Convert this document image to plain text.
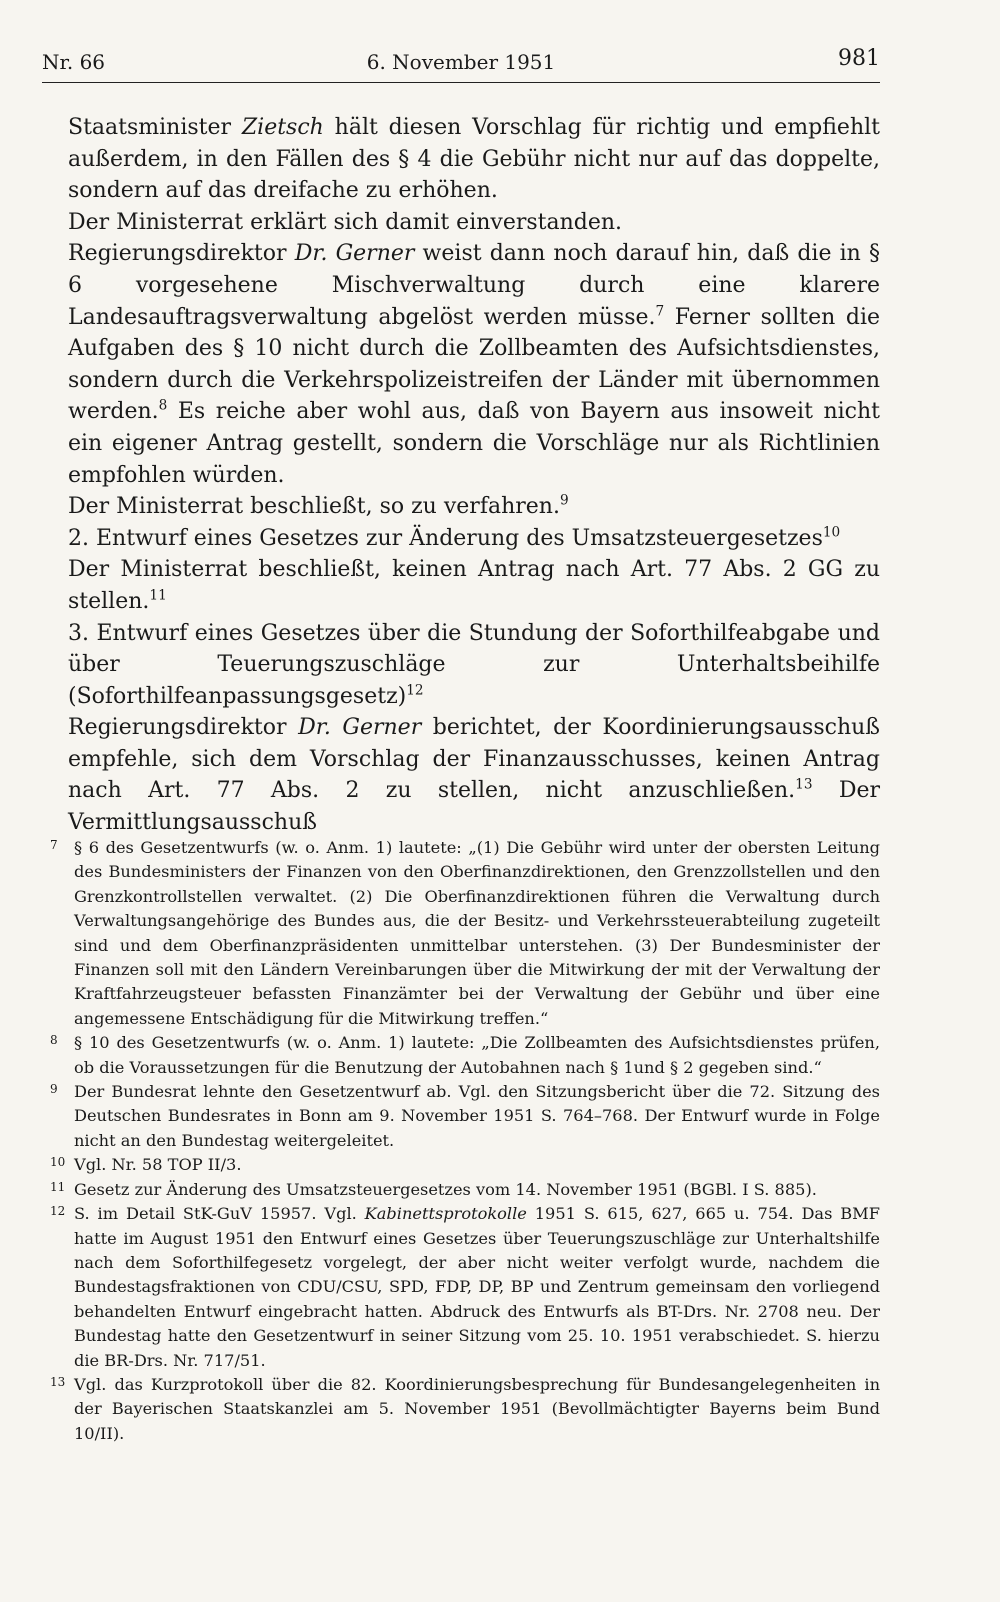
Nr. 66	6. November 1951	981

Staatsminister Zietsch hält diesen Vorschlag für richtig und empfiehlt außerdem, in den Fällen des § 4 die Gebühr nicht nur auf das doppelte, sondern auf das dreifache zu erhöhen.

Der Ministerrat erklärt sich damit einverstanden.

Regierungsdirektor Dr. Gerner weist dann noch darauf hin, daß die in § 6 vorgesehene Mischverwaltung durch eine klarere Landesauftragsverwaltung abgelöst werden müsse.$^7$ Ferner sollten die Aufgaben des § 10 nicht durch die Zollbeamten des Aufsichtsdienstes, sondern durch die Verkehrspolizeistreifen der Länder mit übernommen werden.$^8$ Es reiche aber wohl aus, daß von Bayern aus insoweit nicht ein eigener Antrag gestellt, sondern die Vorschläge nur als Richtlinien empfohlen würden.

Der Ministerrat beschließt, so zu verfahren.$^9$

2. Entwurf eines Gesetzes zur Änderung des Umsatzsteuergesetzes$^{10}$

Der Ministerrat beschließt, keinen Antrag nach Art. 77 Abs. 2 GG zu stellen.$^{11}$

3. Entwurf eines Gesetzes über die Stundung der Soforthilfeabgabe und über Teuerungszuschläge zur Unterhaltsbeihilfe (Soforthilfeanpassungsgesetz)$^{12}$

Regierungsdirektor Dr. Gerner berichtet, der Koordinierungsausschuß empfehle, sich dem Vorschlag der Finanzausschusses, keinen Antrag nach Art. 77 Abs. 2 zu stellen, nicht anzuschließen.$^{13}$ Der Vermittlungsausschuß

7 § 6 des Gesetzentwurfs (w. o. Anm. 1) lautete: „(1) Die Gebühr wird unter der obersten Leitung des Bundesministers der Finanzen von den Oberfinanzdirektionen, den Grenzzollstellen und den Grenzkontrollstellen verwaltet. (2) Die Oberfinanzdirektionen führen die Verwaltung durch Verwaltungsangehörige des Bundes aus, die der Besitz- und Verkehrssteuerabteilung zugeteilt sind und dem Oberfinanzpräsidenten unmittelbar unterstehen. (3) Der Bundesminister der Finanzen soll mit den Ländern Vereinbarungen über die Mitwirkung der mit der Verwaltung der Kraftfahrzeugsteuer befassten Finanzämter bei der Verwaltung der Gebühr und über eine angemessene Entschädigung für die Mitwirkung treffen.“
8 § 10 des Gesetzentwurfs (w. o. Anm. 1) lautete: „Die Zollbeamten des Aufsichtsdienstes prüfen, ob die Voraussetzungen für die Benutzung der Autobahnen nach § 1und § 2 gegeben sind.“
9 Der Bundesrat lehnte den Gesetzentwurf ab. Vgl. den Sitzungsbericht über die 72. Sitzung des Deutschen Bundesrates in Bonn am 9. November 1951 S. 764–768. Der Entwurf wurde in Folge nicht an den Bundestag weitergeleitet.
10 Vgl. Nr. 58 TOP II/3.
11 Gesetz zur Änderung des Umsatzsteuergesetzes vom 14. November 1951 (BGBl. I S. 885).
12 S. im Detail StK-GuV 15957. Vgl. Kabinettsprotokolle 1951 S. 615, 627, 665 u. 754. Das BMF hatte im August 1951 den Entwurf eines Gesetzes über Teuerungszuschläge zur Unterhaltshilfe nach dem Soforthilfegesetz vorgelegt, der aber nicht weiter verfolgt wurde, nachdem die Bundestagsfraktionen von CDU/CSU, SPD, FDP, DP, BP und Zentrum gemeinsam den vorliegend behandelten Entwurf eingebracht hatten. Abdruck des Entwurfs als BT-Drs. Nr. 2708 neu. Der Bundestag hatte den Gesetzentwurf in seiner Sitzung vom 25. 10. 1951 verabschiedet. S. hierzu die BR-Drs. Nr. 717/51.
13 Vgl. das Kurzprotokoll über die 82. Koordinierungsbesprechung für Bundesangelegenheiten in der Bayerischen Staatskanzlei am 5. November 1951 (Bevollmächtigter Bayerns beim Bund 10/II).
